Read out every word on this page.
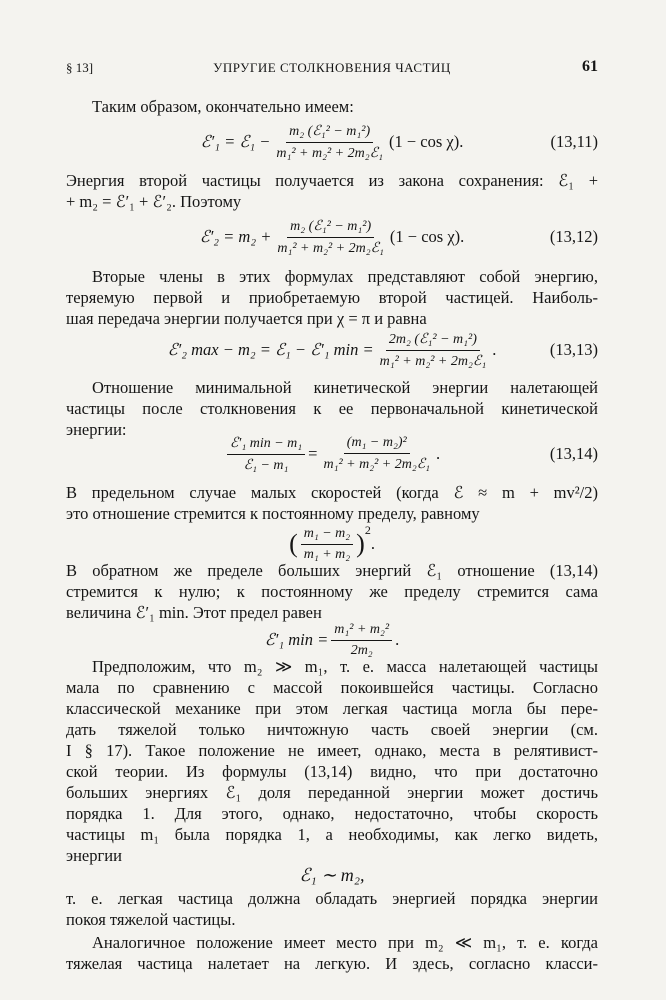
§ 13]	УПРУГИЕ СТОЛКНОВЕНИЯ ЧАСТИЦ	61
Таким образом, окончательно имеем:
ℰ′₁ = ℰ₁ − $\frac{\text{m₂ (ℰ₁² − m₁²)}}{\text{m₁² + m₂² + 2m₂ℰ₁}} (1 - \cos \chi)$.	(13,11)
Энергия второй частицы получается из закона сохранения: ℰ₁ +
+ m₂ = ℰ′₁ + ℰ′₂. Поэтому
ℰ′₂ = $m_2 + \frac{\text{m₂ (ℰ₁² − m₁²)}}{\text{m₁² + m₂² + 2m₂ℰ₁}} (1 - \cos \chi)$.	(13,12)
Вторые члены в этих формулах представляют собой энергию,
теряемую первой и приобретаемую второй частицей. Наиболь-
шая передача энергии получается при χ = π и равна
ℰ′₂ max − m₂ = ℰ₁ − ℰ′₁ $\min = \frac{\text{2m₂ (ℰ₁² − m₁²)}}{\text{m₁² + m₂² + 2m₂ℰ₁}}$ .	(13,13)
Отношение минимальной кинетической энергии налетающей
частицы после столкновения к ее первоначальной кинетической
энергии:
$\frac{\text{ℰ′₁ min − m₁}}{\text{ℰ₁ − m₁}} = \frac{\text{(m₁ − m₂)²}}{\text{m₁² + m₂² + 2m₂ℰ₁}}$ .	(13,14)
В предельном случае малых скоростей (когда ℰ ≈ m + mv²/2)
это отношение стремится к постоянному пределу, равному
( $\frac{\text{m₁ − m₂}}{\text{m₁ + m₂}} )^2$
.
В обратном же пределе больших энергий ℰ₁ отношение (13,14)
стремится к нулю; к постоянному же пределу стремится сама
величина ℰ′₁ min. Этот предел равен
ℰ′₁ $\min = \frac{\text{m₁² + m₂²}}{\text{2m₂}}$ .
Предположим, что m₂ ≫ m₁, т. е. масса налетающей частицы
мала по сравнению с массой покоившейся частицы. Согласно
классической механике при этом легкая частица могла бы пере-
дать тяжелой только ничтожную часть своей энергии (см.
I § 17). Такое положение не имеет, однако, места в релятивист-
ской теории. Из формулы (13,14) видно, что при достаточно
больших энергиях ℰ₁ доля переданной энергии может достичь
порядка 1. Для этого, однако, недостаточно, чтобы скорость
частицы m₁ была порядка 1, а необходимы, как легко видеть,
энергии
ℰ₁ ∼ m₂,
т. е. легкая частица должна обладать энергией порядка энергии
покоя тяжелой частицы.
Аналогичное положение имеет место при m₂ ≪ m₁, т. е. когда
тяжелая частица налетает на легкую. И здесь, согласно класси-
